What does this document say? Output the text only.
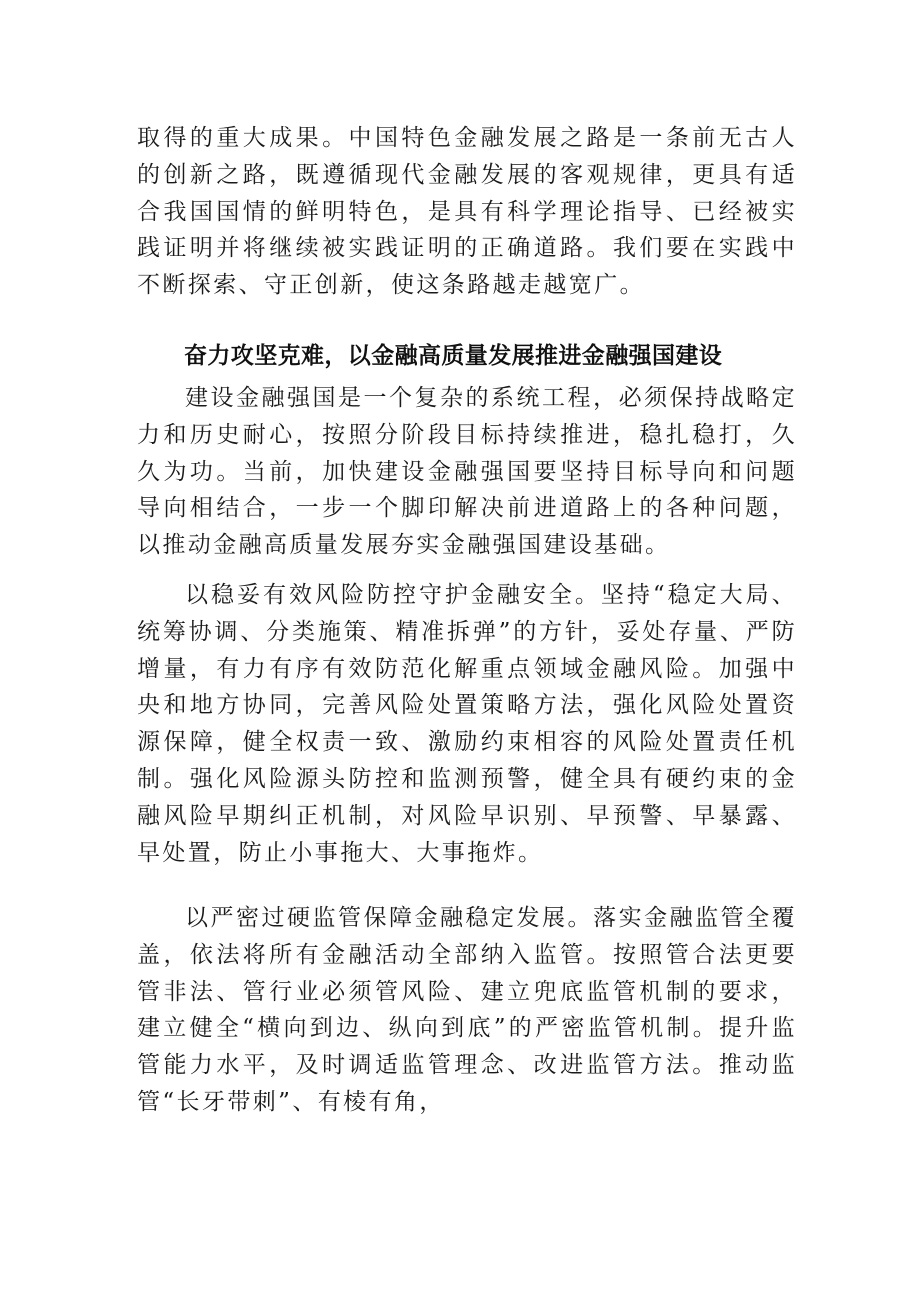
取得的重大成果。中国特色金融发展之路是一条前无古人的创新之路，既遵循现代金融发展的客观规律，更具有适合我国国情的鲜明特色，是具有科学理论指导、已经被实践证明并将继续被实践证明的正确道路。我们要在实践中不断探索、守正创新，使这条路越走越宽广。

奋力攻坚克难，以金融高质量发展推进金融强国建设

建设金融强国是一个复杂的系统工程，必须保持战略定力和历史耐心，按照分阶段目标持续推进，稳扎稳打，久久为功。当前，加快建设金融强国要坚持目标导向和问题导向相结合，一步一个脚印解决前进道路上的各种问题，以推动金融高质量发展夯实金融强国建设基础。

以稳妥有效风险防控守护金融安全。坚持“稳定大局、统筹协调、分类施策、精准拆弹”的方针，妥处存量、严防增量，有力有序有效防范化解重点领域金融风险。加强中央和地方协同，完善风险处置策略方法，强化风险处置资源保障，健全权责一致、激励约束相容的风险处置责任机制。强化风险源头防控和监测预警，健全具有硬约束的金融风险早期纠正机制，对风险早识别、早预警、早暴露、早处置，防止小事拖大、大事拖炸。

以严密过硬监管保障金融稳定发展。落实金融监管全覆盖，依法将所有金融活动全部纳入监管。按照管合法更要管非法、管行业必须管风险、建立兜底监管机制的要求，建立健全“横向到边、纵向到底”的严密监管机制。提升监管能力水平，及时调适监管理念、改进监管方法。推动监管“长牙带刺”、有棱有角，
